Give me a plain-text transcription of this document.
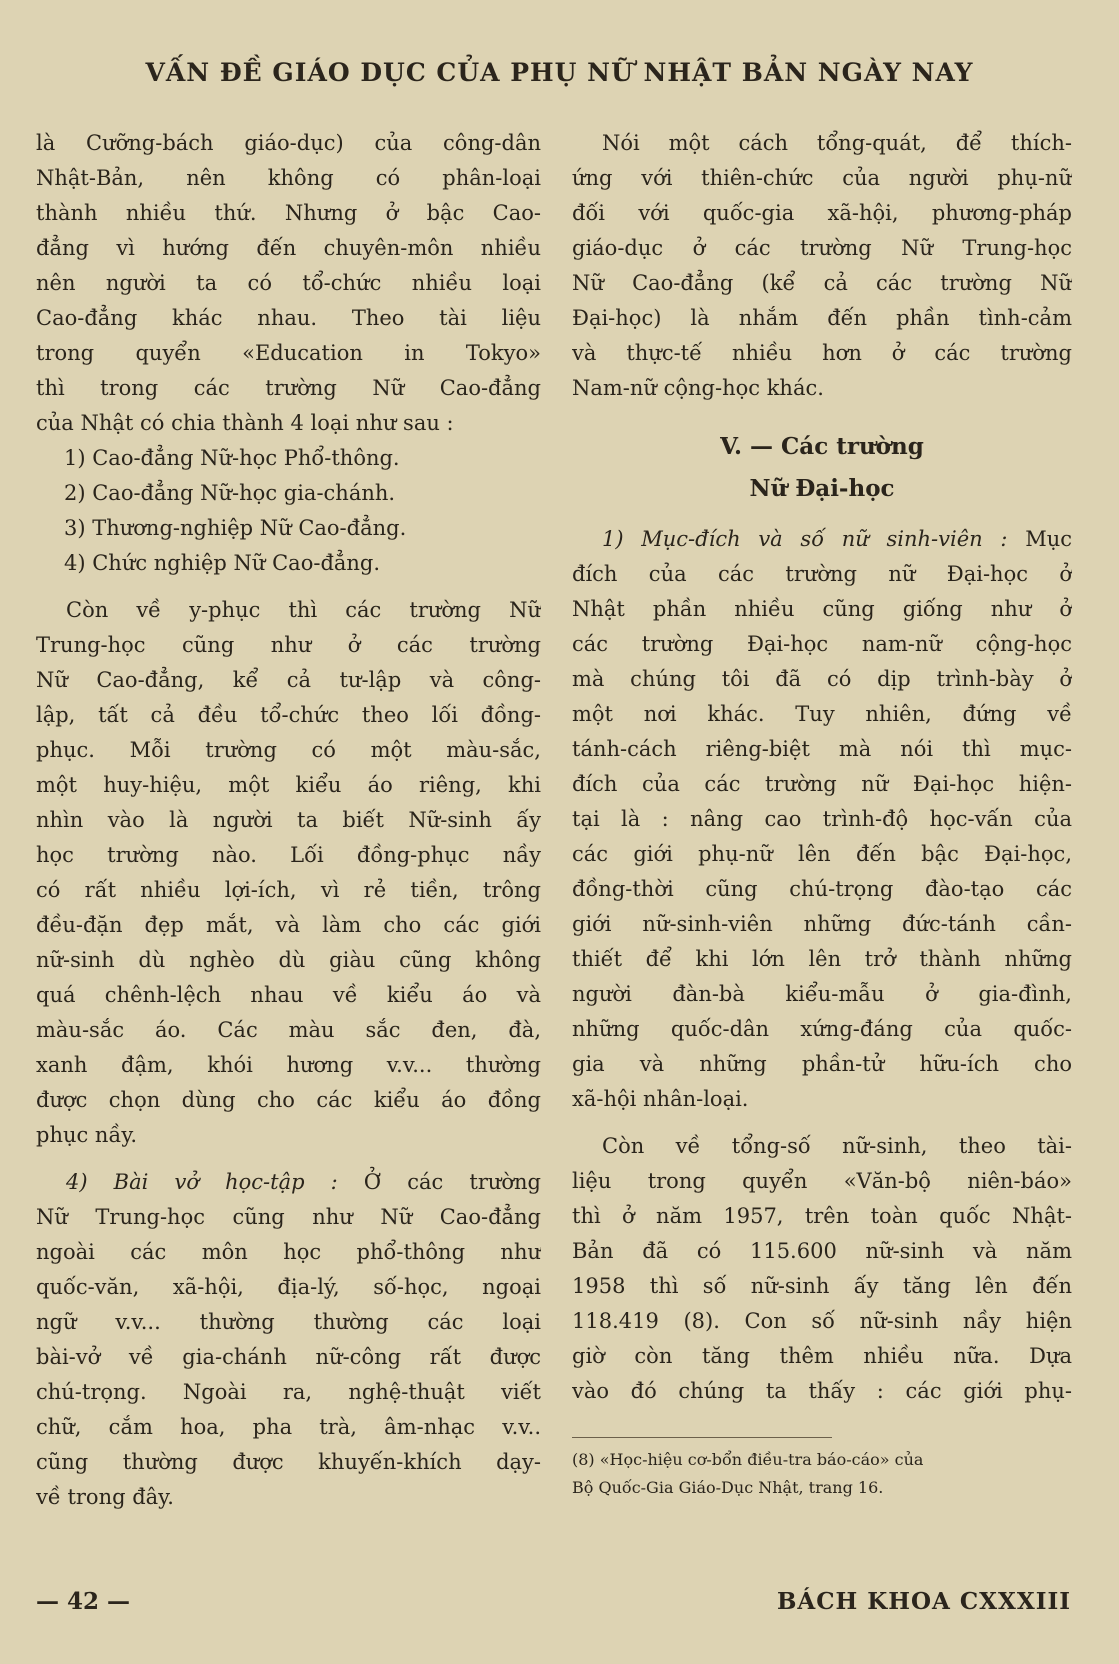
VẤN ĐỀ GIÁO DỤC CỦA PHỤ NỮ NHẬT BẢN NGÀY NAY
là Cưỡng-bách giáo-dục) của công-dân
Nhật-Bản, nên không có phân-loại
thành nhiều thứ. Nhưng ở bậc Cao-
đẳng vì hướng đến chuyên-môn nhiều
nên người ta có tổ-chức nhiều loại
Cao-đẳng khác nhau. Theo tài liệu
trong quyển «Education in Tokyo»
thì trong các trường Nữ Cao-đẳng
của Nhật có chia thành 4 loại như sau :
1) Cao-đẳng Nữ-học Phổ-thông.
2) Cao-đẳng Nữ-học gia-chánh.
3) Thương-nghiệp Nữ Cao-đẳng.
4) Chức nghiệp Nữ Cao-đẳng.
Còn về y-phục thì các trường Nữ
Trung-học cũng như ở các trường
Nữ Cao-đẳng, kể cả tư-lập và công-
lập, tất cả đều tổ-chức theo lối đồng-
phục. Mỗi trường có một màu-sắc,
một huy-hiệu, một kiểu áo riêng, khi
nhìn vào là người ta biết Nữ-sinh ấy
học trường nào. Lối đồng-phục nầy
có rất nhiều lợi-ích, vì rẻ tiền, trông
đều-đặn đẹp mắt, và làm cho các giới
nữ-sinh dù nghèo dù giàu cũng không
quá chênh-lệch nhau về kiểu áo và
màu-sắc áo. Các màu sắc đen, đà,
xanh đậm, khói hương v.v... thường
được chọn dùng cho các kiểu áo đồng
phục nầy.
4) Bài vở học-tập : Ở các trường
Nữ Trung-học cũng như Nữ Cao-đẳng
ngoài các môn học phổ-thông như
quốc-văn, xã-hội, địa-lý, số-học, ngoại
ngữ v.v... thường thường các loại
bài-vở về gia-chánh nữ-công rất được
chú-trọng. Ngoài ra, nghệ-thuật viết
chữ, cắm hoa, pha trà, âm-nhạc v.v..
cũng thường được khuyến-khích dạy-
về trong đây.
Nói một cách tổng-quát, để thích-
ứng với thiên-chức của người phụ-nữ
đối với quốc-gia xã-hội, phương-pháp
giáo-dục ở các trường Nữ Trung-học
Nữ Cao-đẳng (kể cả các trường Nữ
Đại-học) là nhắm đến phần tình-cảm
và thực-tế nhiều hơn ở các trường
Nam-nữ cộng-học khác.
V. — Các trường
Nữ Đại-học
1) Mục-đích và số nữ sinh-viên : Mục
đích của các trường nữ Đại-học ở
Nhật phần nhiều cũng giống như ở
các trường Đại-học nam-nữ cộng-học
mà chúng tôi đã có dịp trình-bày ở
một nơi khác. Tuy nhiên, đứng về
tánh-cách riêng-biệt mà nói thì mục-
đích của các trường nữ Đại-học hiện-
tại là : nâng cao trình-độ học-vấn của
các giới phụ-nữ lên đến bậc Đại-học,
đồng-thời cũng chú-trọng đào-tạo các
giới nữ-sinh-viên những đức-tánh cần-
thiết để khi lớn lên trở thành những
người đàn-bà kiểu-mẫu ở gia-đình,
những quốc-dân xứng-đáng của quốc-
gia và những phần-tử hữu-ích cho
xã-hội nhân-loại.
Còn về tổng-số nữ-sinh, theo tài-
liệu trong quyển «Văn-bộ niên-báo»
thì ở năm 1957, trên toàn quốc Nhật-
Bản đã có 115.600 nữ-sinh và năm
1958 thì số nữ-sinh ấy tăng lên đến
118.419 (8). Con số nữ-sinh nầy hiện
giờ còn tăng thêm nhiều nữa. Dựa
vào đó chúng ta thấy : các giới phụ-
(8) «Học-hiệu cơ-bổn điều-tra báo-cáo» của
Bộ Quốc-Gia Giáo-Dục Nhật, trang 16.
— 42 —	BÁCH KHOA CXXXIII
